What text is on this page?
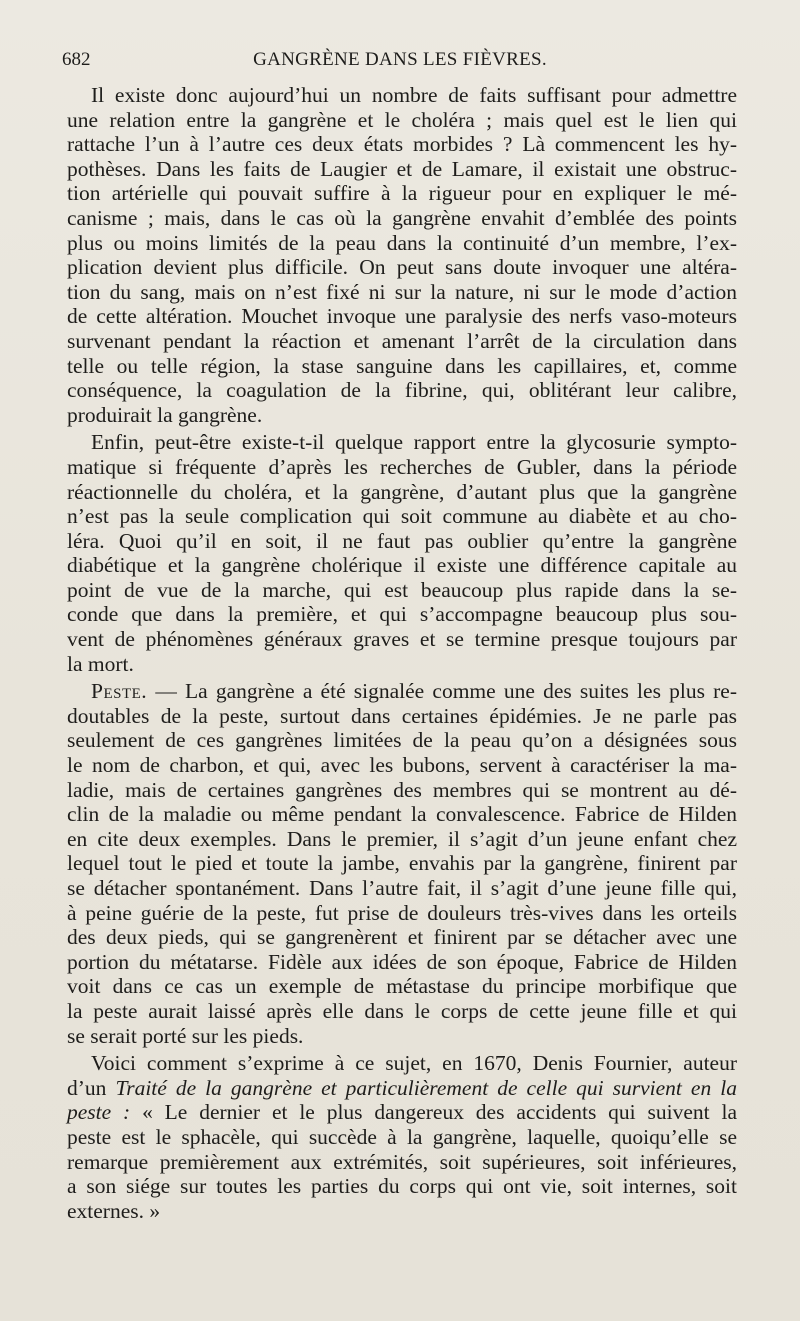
682	GANGRÈNE DANS LES FIÈVRES.
Il existe donc aujourd’hui un nombre de faits suffisant pour admettre
une relation entre la gangrène et le choléra ; mais quel est le lien qui
rattache l’un à l’autre ces deux états morbides ? Là commencent les hy-
pothèses. Dans les faits de Laugier et de Lamare, il existait une obstruc-
tion artérielle qui pouvait suffire à la rigueur pour en expliquer le mé-
canisme ; mais, dans le cas où la gangrène envahit d’emblée des points
plus ou moins limités de la peau dans la continuité d’un membre, l’ex-
plication devient plus difficile. On peut sans doute invoquer une altéra-
tion du sang, mais on n’est fixé ni sur la nature, ni sur le mode d’action
de cette altération. Mouchet invoque une paralysie des nerfs vaso-moteurs
survenant pendant la réaction et amenant l’arrêt de la circulation dans
telle ou telle région, la stase sanguine dans les capillaires, et, comme
conséquence, la coagulation de la fibrine, qui, oblitérant leur calibre,
produirait la gangrène.
Enfin, peut-être existe-t-il quelque rapport entre la glycosurie sympto-
matique si fréquente d’après les recherches de Gubler, dans la période
réactionnelle du choléra, et la gangrène, d’autant plus que la gangrène
n’est pas la seule complication qui soit commune au diabète et au cho-
léra. Quoi qu’il en soit, il ne faut pas oublier qu’entre la gangrène
diabétique et la gangrène cholérique il existe une différence capitale au
point de vue de la marche, qui est beaucoup plus rapide dans la se-
conde que dans la première, et qui s’accompagne beaucoup plus sou-
vent de phénomènes généraux graves et se termine presque toujours par
la mort.
Peste. — La gangrène a été signalée comme une des suites les plus re-
doutables de la peste, surtout dans certaines épidémies. Je ne parle pas
seulement de ces gangrènes limitées de la peau qu’on a désignées sous
le nom de charbon, et qui, avec les bubons, servent à caractériser la ma-
ladie, mais de certaines gangrènes des membres qui se montrent au dé-
clin de la maladie ou même pendant la convalescence. Fabrice de Hilden
en cite deux exemples. Dans le premier, il s’agit d’un jeune enfant chez
lequel tout le pied et toute la jambe, envahis par la gangrène, finirent par
se détacher spontanément. Dans l’autre fait, il s’agit d’une jeune fille qui,
à peine guérie de la peste, fut prise de douleurs très-vives dans les orteils
des deux pieds, qui se gangrenèrent et finirent par se détacher avec une
portion du métatarse. Fidèle aux idées de son époque, Fabrice de Hilden
voit dans ce cas un exemple de métastase du principe morbifique que
la peste aurait laissé après elle dans le corps de cette jeune fille et qui
se serait porté sur les pieds.
Voici comment s’exprime à ce sujet, en 1670, Denis Fournier, auteur
d’un Traité de la gangrène et particulièrement de celle qui survient en la
peste : « Le dernier et le plus dangereux des accidents qui suivent la
peste est le sphacèle, qui succède à la gangrène, laquelle, quoiqu’elle se
remarque premièrement aux extrémités, soit supérieures, soit inférieures,
a son siége sur toutes les parties du corps qui ont vie, soit internes, soit
externes. »
